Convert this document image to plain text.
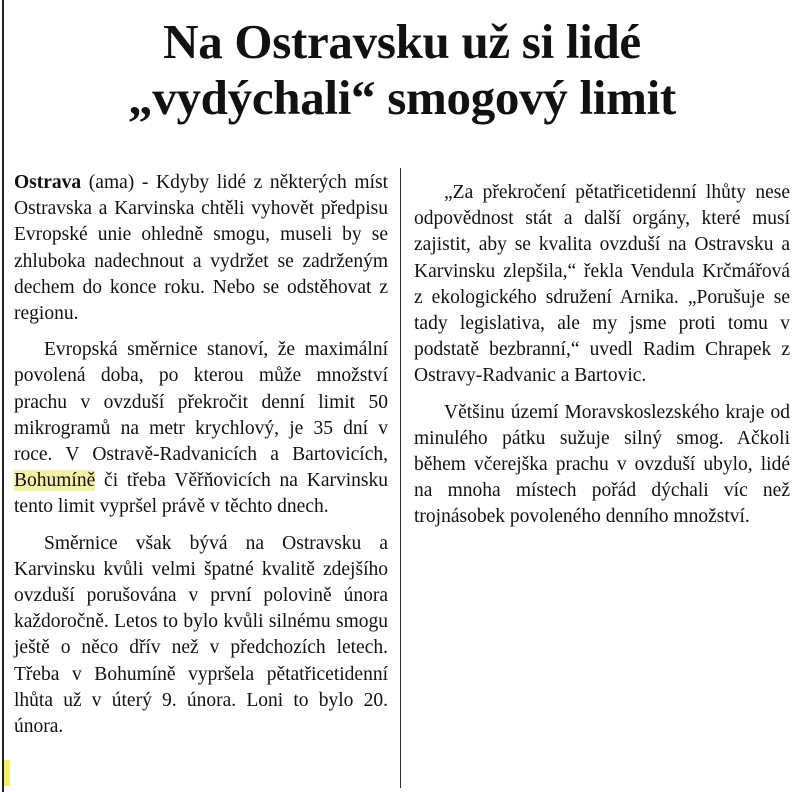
Na Ostravsku už si lidé
„vydýchali“ smogový limit

Ostrava (ama) - Kdyby lidé z některých míst Ostravska a Karvinska chtěli vyhovět předpisu Evropské unie ohledně smogu, museli by se zhluboka nadechnout a vydržet se zadrženým dechem do konce roku. Nebo se odstěhovat z regionu.

Evropská směrnice stanoví, že maximální povolená doba, po kterou může množství prachu v ovzduší překročit denní limit 50 mikrogramů na metr krychlový, je 35 dní v roce. V Ostravě-Radvanicích a Bartovicích, Bohumíně či třeba Věřňovicích na Karvinsku tento limit vypršel právě v těchto dnech.

Směrnice však bývá na Ostravsku a Karvinsku kvůli velmi špatné kvalitě zdejšího ovzduší porušována v první polovině února každoročně. Letos to bylo kvůli silnému smogu ještě o něco dřív než v předchozích letech. Třeba v Bohumíně vypršela pětatřicetidenní lhůta už v úterý 9. února. Loni to bylo 20. února.

„Za překročení pětatřicetidenní lhůty nese odpovědnost stát a další orgány, které musí zajistit, aby se kvalita ovzduší na Ostravsku a Karvinsku zlepšila,“ řekla Vendula Krčmářová z ekologického sdružení Arnika. „Porušuje se tady legislativa, ale my jsme proti tomu v podstatě bezbranní,“ uvedl Radim Chrapek z Ostravy-Radvanic a Bartovic.

Většinu území Moravskoslezského kraje od minulého pátku sužuje silný smog. Ačkoli během včerejška prachu v ovzduší ubylo, lidé na mnoha místech pořád dýchali víc než trojnásobek povoleného denního množství.
